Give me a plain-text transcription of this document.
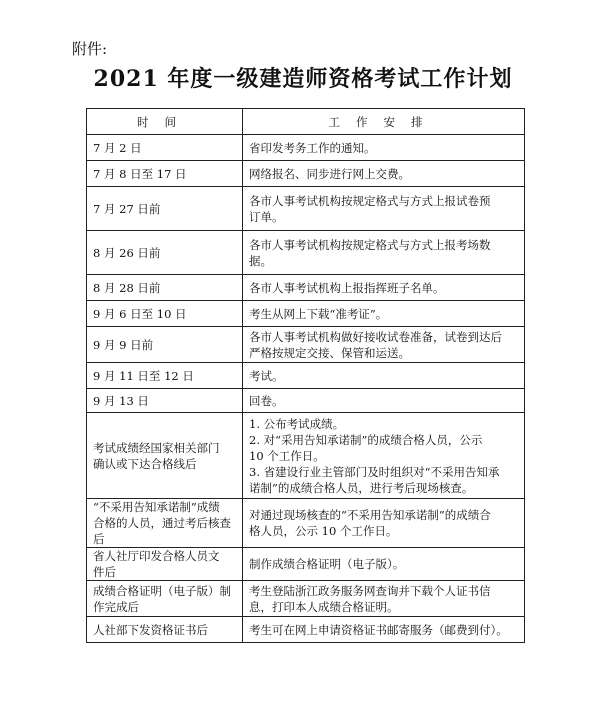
附件:
2021 年度一级建造师资格考试工作计划
时间	工作安排

7 月 2 日	省印发考务工作的通知。

7 月 8 日至 17 日	网络报名、同步进行网上交费。

7 月 27 日前	各市人事考试机构按规定格式与方式上报试卷预
订单。

8 月 26 日前	各市人事考试机构按规定格式与方式上报考场数
据。

8 月 28 日前	各市人事考试机构上报指挥班子名单。

9 月 6 日至 10 日	考生从网上下载“准考证”。

9 月 9 日前	各市人事考试机构做好接收试卷准备，试卷到达后
严格按规定交接、保管和运送。

9 月 11 日至 12 日	考试。

9 月 13 日	回卷。

考试成绩经国家相关部门
确认或下达合格线后	1. 公布考试成绩。
2. 对“采用告知承诺制”的成绩合格人员，公示
10 个工作日。
3. 省建设行业主管部门及时组织对“不采用告知承
诺制”的成绩合格人员，进行考后现场核查。

“不采用告知承诺制”成绩
合格的人员，通过考后核查
后	对通过现场核查的“不采用告知承诺制”的成绩合
格人员，公示 10 个工作日。

省人社厅印发合格人员文
件后	制作成绩合格证明（电子版）。

成绩合格证明（电子版）制
作完成后	考生登陆浙江政务服务网查询并下载个人证书信
息，打印本人成绩合格证明。

人社部下发资格证书后	考生可在网上申请资格证书邮寄服务（邮费到付）。
